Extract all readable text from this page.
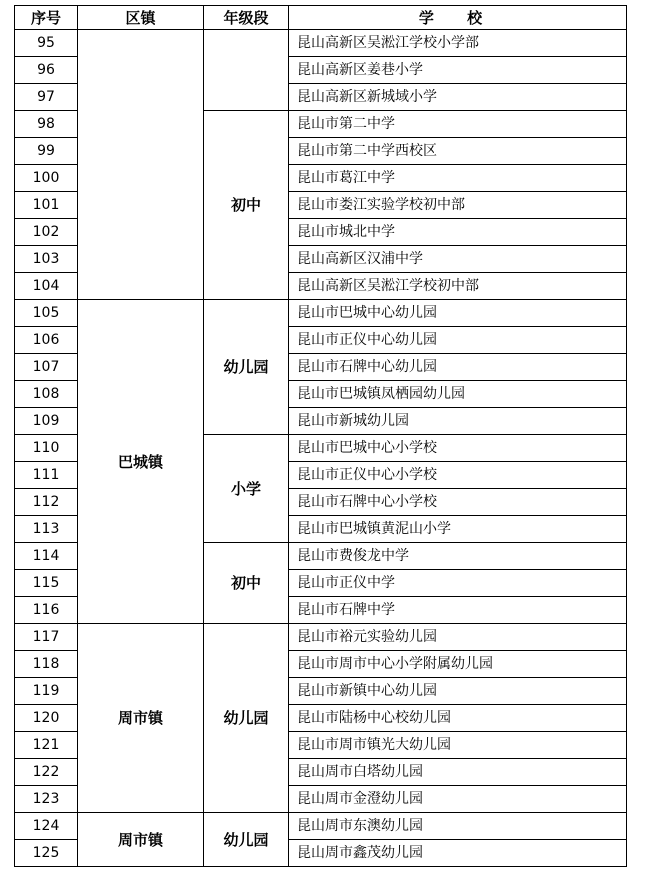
序号	区镇	年级段	学 校
95			昆山高新区吴淞江学校小学部
96			昆山高新区姜巷小学
97			昆山高新区新城域小学
98		初中	昆山市第二中学
99			昆山市第二中学西校区
100			昆山市葛江中学
101			昆山市娄江实验学校初中部
102			昆山市城北中学
103			昆山高新区汉浦中学
104			昆山高新区吴淞江学校初中部
105	巴城镇	幼儿园	昆山市巴城中心幼儿园
106			昆山市正仪中心幼儿园
107			昆山市石牌中心幼儿园
108			昆山市巴城镇凤栖园幼儿园
109			昆山市新城幼儿园
110		小学	昆山市巴城中心小学校
111			昆山市正仪中心小学校
112			昆山市石牌中心小学校
113			昆山市巴城镇黄泥山小学
114		初中	昆山市费俊龙中学
115			昆山市正仪中学
116			昆山市石牌中学
117	周市镇	幼儿园	昆山市裕元实验幼儿园
118			昆山市周市中心小学附属幼儿园
119			昆山市新镇中心幼儿园
120			昆山市陆杨中心校幼儿园
121			昆山市周市镇光大幼儿园
122			昆山周市白塔幼儿园
123			昆山周市金澄幼儿园
124	周市镇	幼儿园	昆山周市东澳幼儿园
125			昆山周市鑫茂幼儿园
